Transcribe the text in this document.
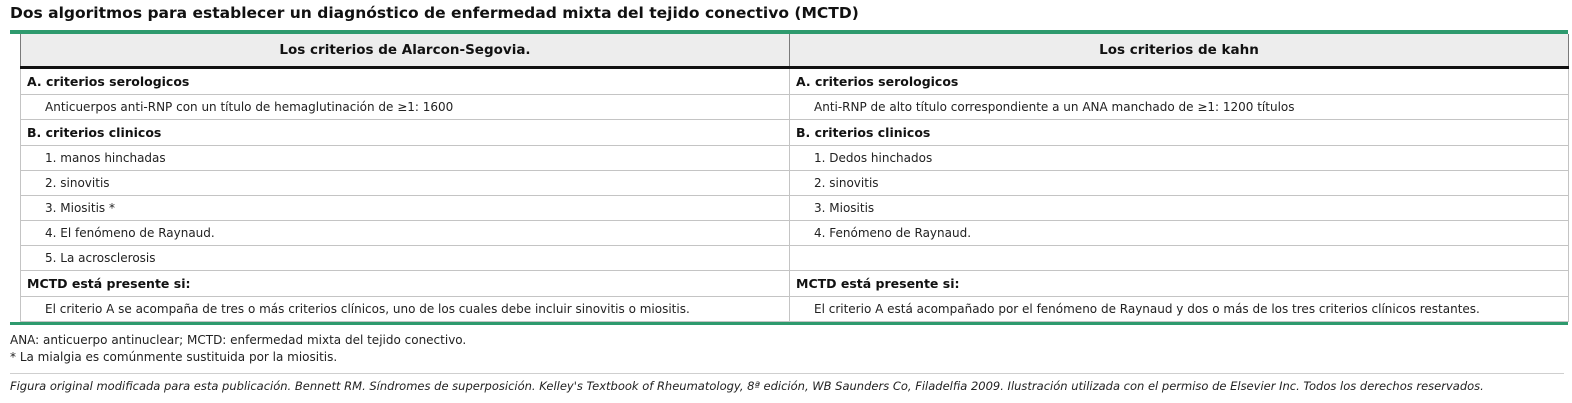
Dos algoritmos para establecer un diagnóstico de enfermedad mixta del tejido conectivo (MCTD)
Los criterios de Alarcon-Segovia.	Los criterios de kahn
A. criterios serologicos	A. criterios serologicos
Anticuerpos anti-RNP con un título de hemaglutinación de ≥1: 1600	Anti-RNP de alto título correspondiente a un ANA manchado de ≥1: 1200 títulos
B. criterios clinicos	B. criterios clinicos
1. manos hinchadas	1. Dedos hinchados
2. sinovitis	2. sinovitis
3. Miositis *	3. Miositis
4. El fenómeno de Raynaud.	4. Fenómeno de Raynaud.
5. La acrosclerosis	
MCTD está presente si:	MCTD está presente si:
El criterio A se acompaña de tres o más criterios clínicos, uno de los cuales debe incluir sinovitis o miositis.	El criterio A está acompañado por el fenómeno de Raynaud y dos o más de los tres criterios clínicos restantes.
ANA: anticuerpo antinuclear; MCTD: enfermedad mixta del tejido conectivo.
* La mialgia es comúnmente sustituida por la miositis.
Figura original modificada para esta publicación. Bennett RM. Síndromes de superposición. Kelley's Textbook of Rheumatology, 8ª edición, WB Saunders Co, Filadelfia 2009. Ilustración utilizada con el permiso de Elsevier Inc. Todos los derechos reservados.
